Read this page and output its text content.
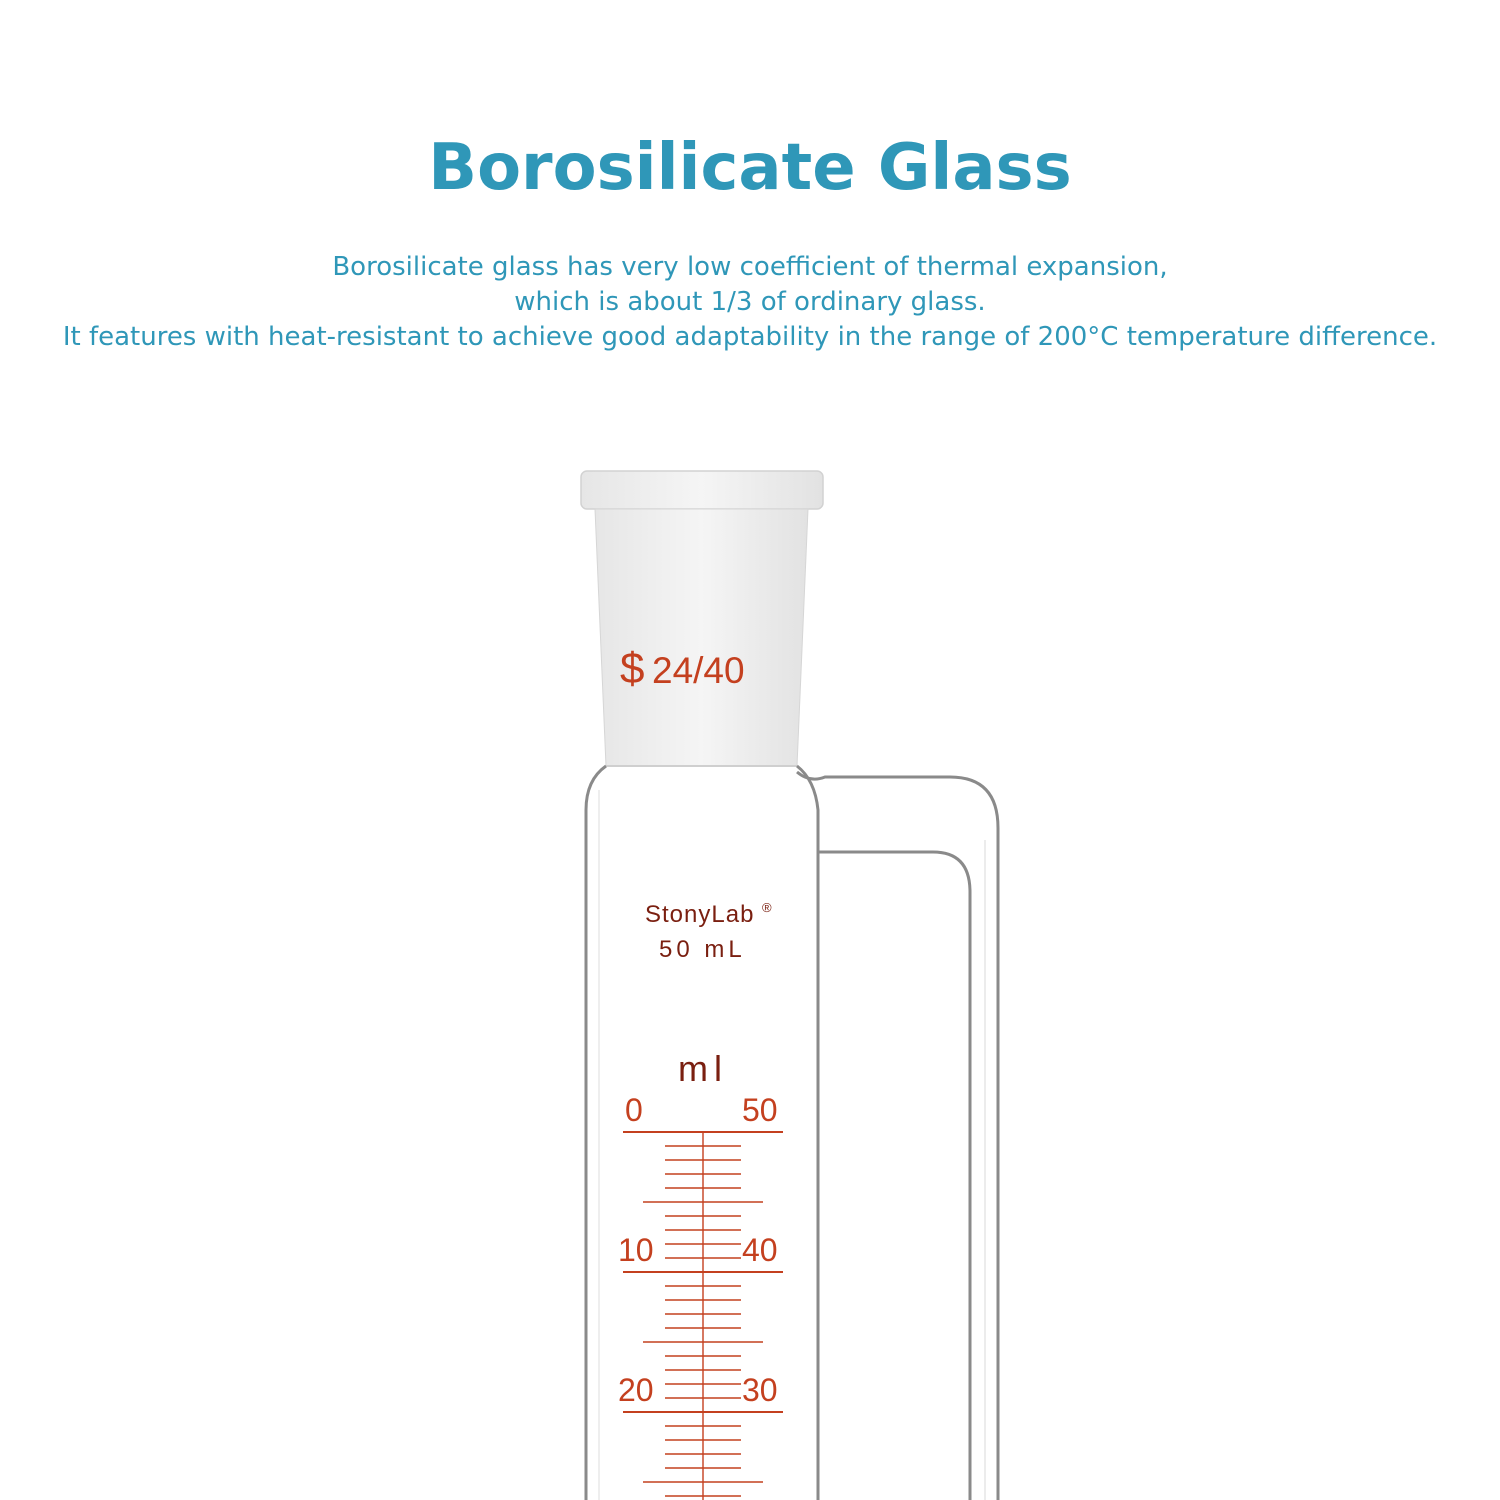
Borosilicate Glass
Borosilicate glass has very low coefficient of thermal expansion,
which is about 1/3 of ordinary glass.
It features with heat-resistant to achieve good adaptability in the range of 200°C temperature difference.
$ 24/40
StonyLab ®
50 mL
ml
0	50
10	40
20	30
